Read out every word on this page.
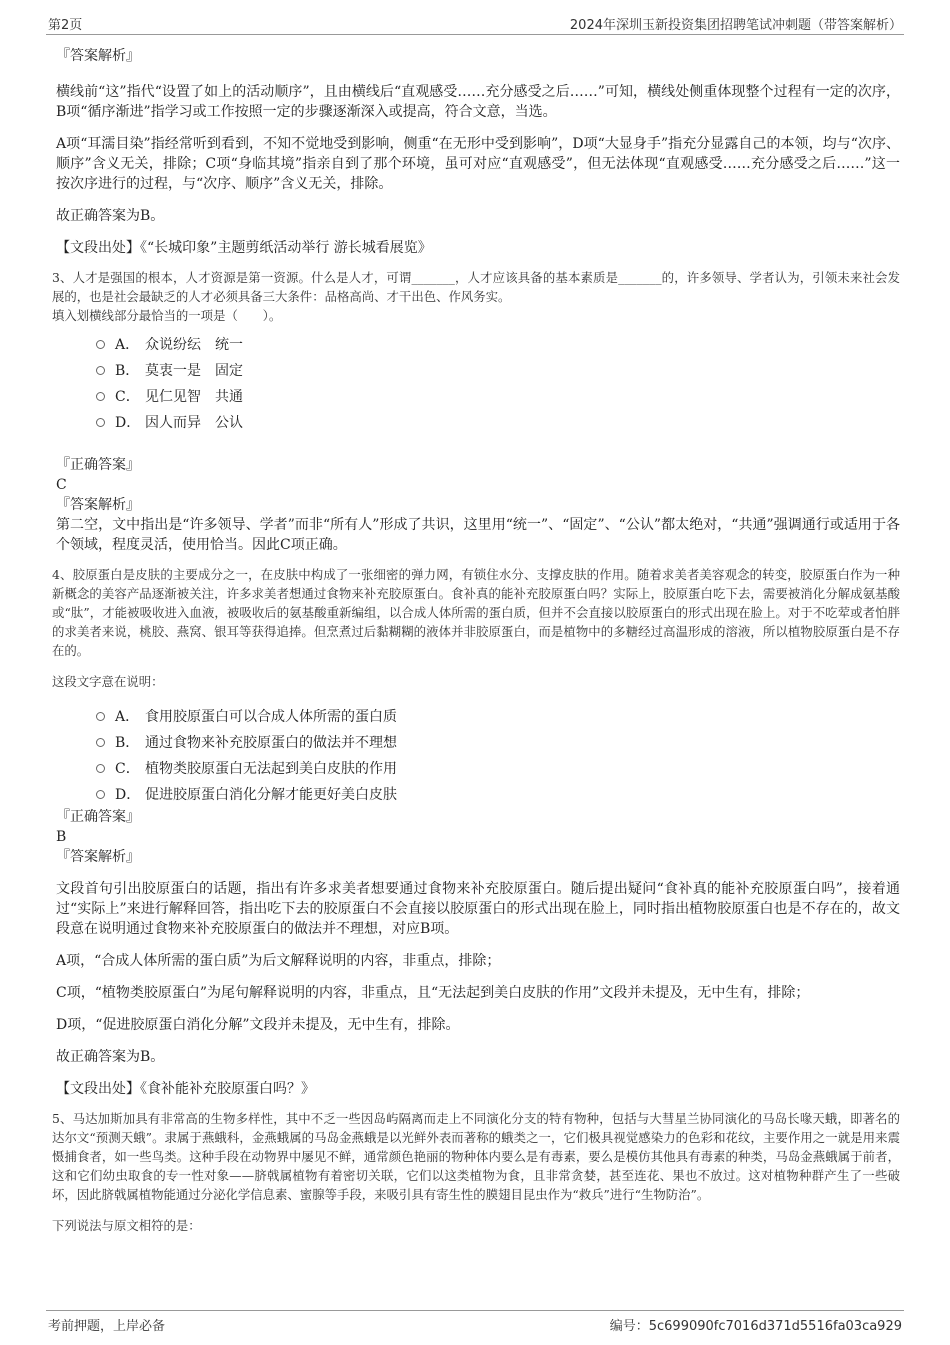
第2页	2024年深圳玉新投资集团招聘笔试冲刺题（带答案解析）
『答案解析』
横线前“这”指代“设置了如上的活动顺序”，且由横线后“直观感受……充分感受之后……”可知，横线处侧重体现整个过程有一定的次序，B项“循序渐进”指学习或工作按照一定的步骤逐渐深入或提高，符合文意，当选。
A项“耳濡目染”指经常听到看到，不知不觉地受到影响，侧重“在无形中受到影响”，D项“大显身手”指充分显露自己的本领，均与“次序、顺序”含义无关，排除；C项“身临其境”指亲自到了那个环境，虽可对应“直观感受”，但无法体现“直观感受……充分感受之后……”这一按次序进行的过程，与“次序、顺序”含义无关，排除。
故正确答案为B。
【文段出处】《“长城印象”主题剪纸活动举行 游长城看展览》
3、人才是强国的根本，人才资源是第一资源。什么是人才，可谓_______，人才应该具备的基本素质是_______的，许多领导、学者认为，引领未来社会发展的，也是社会最缺乏的人才必须具备三大条件：品格高尚、才干出色、作风务实。
填入划横线部分最恰当的一项是（　　）。
A． 众说纷纭　统一
B． 莫衷一是　固定
C． 见仁见智　共通
D． 因人而异　公认
『正确答案』
C
『答案解析』
第二空，文中指出是“许多领导、学者”而非“所有人”形成了共识，这里用“统一”、“固定”、“公认”都太绝对，“共通”强调通行或适用于各个领域，程度灵活，使用恰当。因此C项正确。
4、胶原蛋白是皮肤的主要成分之一，在皮肤中构成了一张细密的弹力网，有锁住水分、支撑皮肤的作用。随着求美者美容观念的转变，胶原蛋白作为一种新概念的美容产品逐渐被关注，许多求美者想通过食物来补充胶原蛋白。食补真的能补充胶原蛋白吗？实际上，胶原蛋白吃下去，需要被消化分解成氨基酸或“肽”，才能被吸收进入血液，被吸收后的氨基酸重新编组，以合成人体所需的蛋白质，但并不会直接以胶原蛋白的形式出现在脸上。对于不吃荤或者怕胖的求美者来说，桃胶、燕窝、银耳等获得追捧。但烹煮过后黏糊糊的液体并非胶原蛋白，而是植物中的多糖经过高温形成的溶液，所以植物胶原蛋白是不存在的。
这段文字意在说明：
A． 食用胶原蛋白可以合成人体所需的蛋白质
B． 通过食物来补充胶原蛋白的做法并不理想
C． 植物类胶原蛋白无法起到美白皮肤的作用
D． 促进胶原蛋白消化分解才能更好美白皮肤
『正确答案』
B
『答案解析』
文段首句引出胶原蛋白的话题，指出有许多求美者想要通过食物来补充胶原蛋白。随后提出疑问“食补真的能补充胶原蛋白吗”，接着通过“实际上”来进行解释回答，指出吃下去的胶原蛋白不会直接以胶原蛋白的形式出现在脸上，同时指出植物胶原蛋白也是不存在的，故文段意在说明通过食物来补充胶原蛋白的做法并不理想，对应B项。
A项，“合成人体所需的蛋白质”为后文解释说明的内容，非重点，排除；
C项，“植物类胶原蛋白”为尾句解释说明的内容，非重点，且“无法起到美白皮肤的作用”文段并未提及，无中生有，排除；
D项，“促进胶原蛋白消化分解”文段并未提及，无中生有，排除。
故正确答案为B。
【文段出处】《食补能补充胶原蛋白吗？》
5、马达加斯加具有非常高的生物多样性，其中不乏一些因岛屿隔离而走上不同演化分支的特有物种，包括与大彗星兰协同演化的马岛长喙天蛾，即著名的达尔文“预测天蛾”。隶属于燕蛾科，金燕蛾属的马岛金燕蛾是以光鲜外表而著称的蛾类之一，它们极具视觉感染力的色彩和花纹，主要作用之一就是用来震慑捕食者，如一些鸟类。这种手段在动物界中屡见不鲜，通常颜色艳丽的物种体内要么是有毒素，要么是模仿其他具有毒素的种类，马岛金燕蛾属于前者，这和它们幼虫取食的专一性对象——脐戟属植物有着密切关联，它们以这类植物为食，且非常贪婪，甚至连花、果也不放过。这对植物种群产生了一些破坏，因此脐戟属植物能通过分泌化学信息素、蜜腺等手段，来吸引具有寄生性的膜翅目昆虫作为“救兵”进行“生物防治”。
下列说法与原文相符的是：
考前押题，上岸必备	编号：5c699090fc7016d371d5516fa03ca929
